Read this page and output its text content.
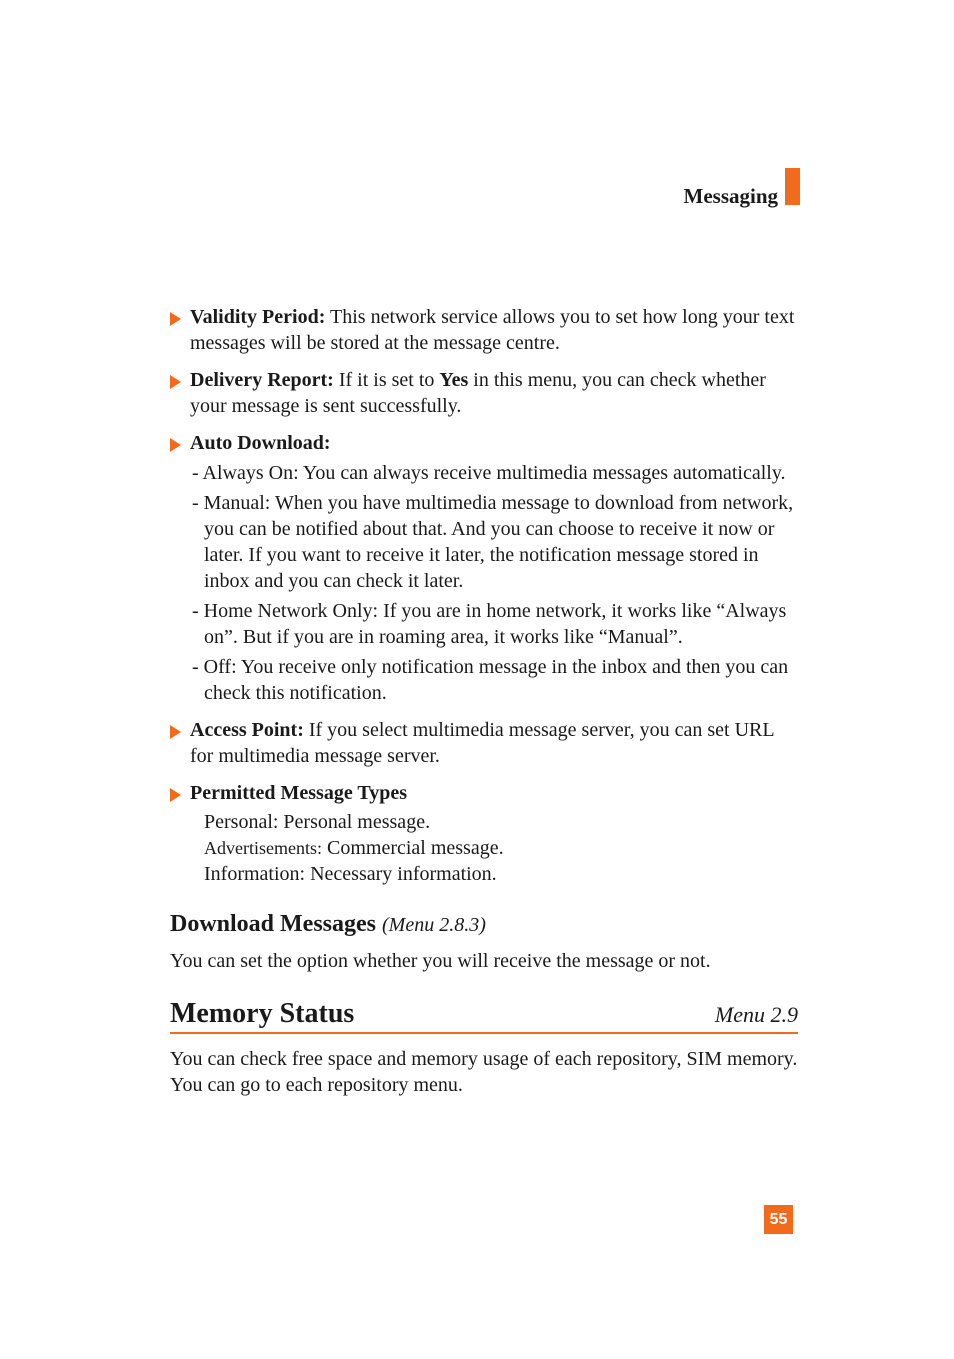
Messaging
Validity Period: This network service allows you to set how long your text messages will be stored at the message centre.
Delivery Report: If it is set to Yes in this menu, you can check whether your message is sent successfully.
Auto Download:
- Always On: You can always receive multimedia messages automatically.
- Manual: When you have multimedia message to download from network, you can be notified about that. And you can choose to receive it now or later. If you want to receive it later, the notification message stored in inbox and you can check it later.
- Home Network Only: If you are in home network, it works like “Always on”. But if you are in roaming area, it works like “Manual”.
- Off: You receive only notification message in the inbox and then you can check this notification.
Access Point: If you select multimedia message server, you can set URL for multimedia message server.
Permitted Message Types
Personal: Personal message.
Advertisements: Commercial message.
Information: Necessary information.
Download Messages (Menu 2.8.3)
You can set the option whether you will receive the message or not.
Memory Status	Menu 2.9
You can check free space and memory usage of each repository, SIM memory. You can go to each repository menu.
55
